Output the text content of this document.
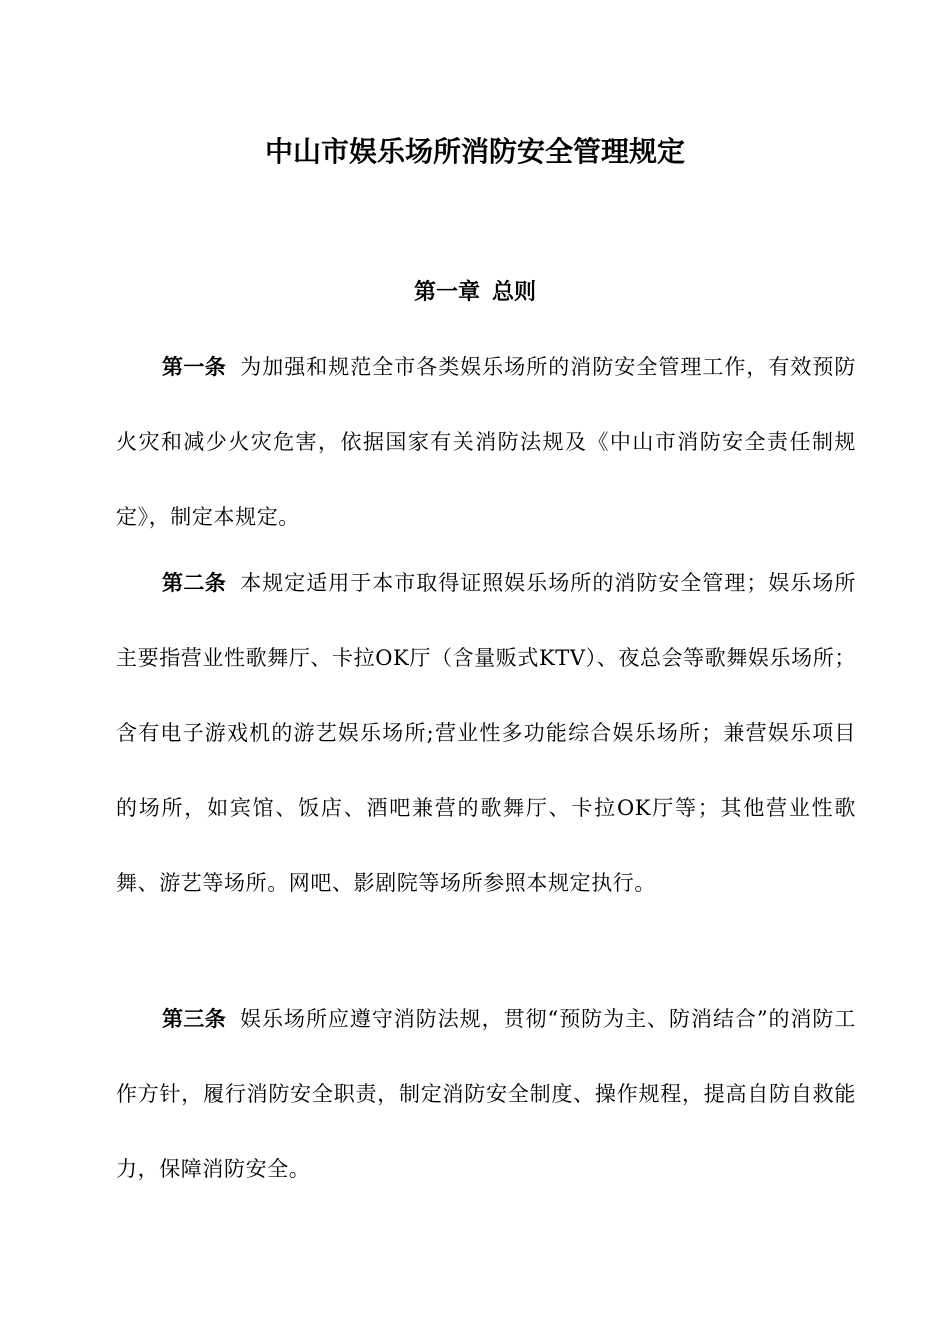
中山市娱乐场所消防安全管理规定
第一章 总则

第一条 为加强和规范全市各类娱乐场所的消防安全管理工作，有效预防火灾和减少火灾危害，依据国家有关消防法规及《中山市消防安全责任制规定》，制定本规定。

第二条 本规定适用于本市取得证照娱乐场所的消防安全管理；娱乐场所主要指营业性歌舞厅、卡拉OK厅（含量贩式KTV）、夜总会等歌舞娱乐场所；含有电子游戏机的游艺娱乐场所;营业性多功能综合娱乐场所；兼营娱乐项目的场所，如宾馆、饭店、酒吧兼营的歌舞厅、卡拉OK厅等；其他营业性歌舞、游艺等场所。网吧、影剧院等场所参照本规定执行。

第三条 娱乐场所应遵守消防法规，贯彻“预防为主、防消结合”的消防工作方针，履行消防安全职责，制定消防安全制度、操作规程，提高自防自救能力，保障消防安全。
